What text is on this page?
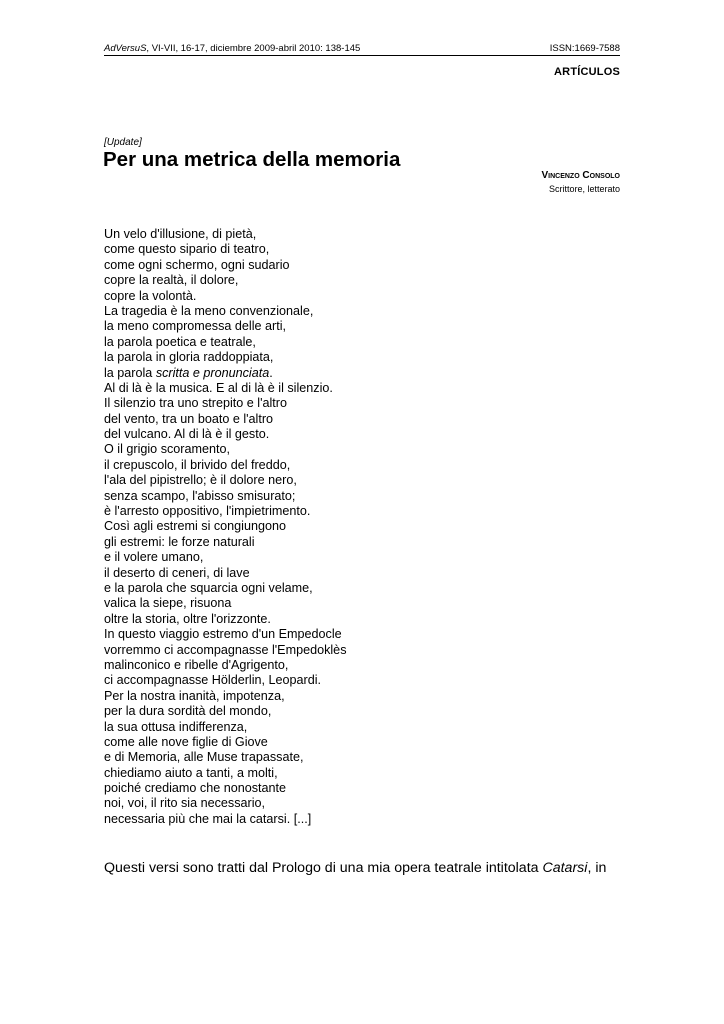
AdVersuS, VI-VII, 16-17, diciembre 2009-abril 2010: 138-145	ISSN:1669-7588
ARTÍCULOS
[Update]
Per una metrica della memoria
Vincenzo Consolo
Scrittore, letterato
Un velo d'illusione, di pietà,
come questo sipario di teatro,
come ogni schermo, ogni sudario
copre la realtà, il dolore,
copre la volontà.
La tragedia è la meno convenzionale,
la meno compromessa delle arti,
la parola poetica e teatrale,
la parola in gloria raddoppiata,
la parola scritta e pronunciata.
Al di là è la musica. E al di là è il silenzio.
Il silenzio tra uno strepito e l'altro
del vento, tra un boato e l'altro
del vulcano. Al di là è il gesto.
O il grigio scoramento,
il crepuscolo, il brivido del freddo,
l'ala del pipistrello; è il dolore nero,
senza scampo, l'abisso smisurato;
è l'arresto oppositivo, l'impietrimento.
Così agli estremi si congiungono
gli estremi: le forze naturali
e il volere umano,
il deserto di ceneri, di lave
e la parola che squarcia ogni velame,
valica la siepe, risuona
oltre la storia, oltre l'orizzonte.
In questo viaggio estremo d'un Empedocle
vorremmo ci accompagnasse l'Empedoklès
malinconico e ribelle d'Agrigento,
ci accompagnasse Hölderlin, Leopardi.
Per la nostra inanità, impotenza,
per la dura sordità del mondo,
la sua ottusa indifferenza,
come alle nove figlie di Giove
e di Memoria, alle Muse trapassate,
chiediamo aiuto a tanti, a molti,
poiché crediamo che nonostante
noi, voi, il rito sia necessario,
necessaria più che mai la catarsi. [...]

Questi versi sono tratti dal Prologo di una mia opera teatrale intitolata Catarsi, in
